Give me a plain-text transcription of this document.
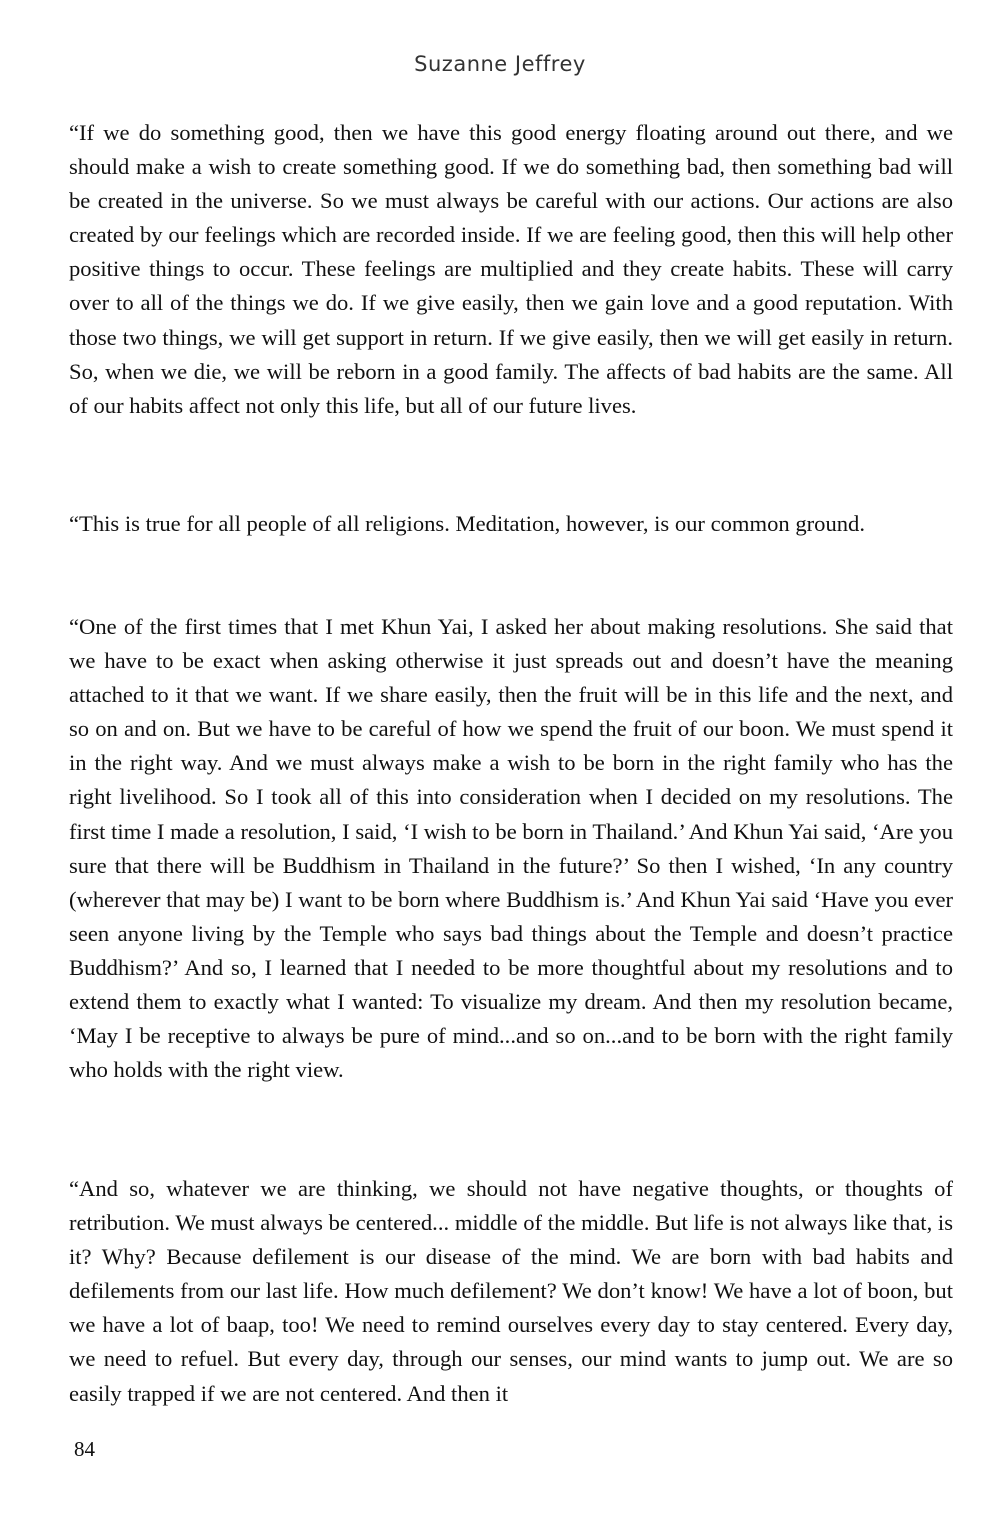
Suzanne Jeffrey

“If we do something good, then we have this good energy floating around out there, and we should make a wish to create something good. If we do something bad, then something bad will be created in the universe. So we must always be careful with our actions. Our actions are also created by our feelings which are recorded inside. If we are feeling good, then this will help other positive things to occur. These feelings are multiplied and they create habits. These will carry over to all of the things we do. If we give easily, then we gain love and a good reputation. With those two things, we will get support in return. If we give easily, then we will get easily in return. So, when we die, we will be reborn in a good family. The affects of bad habits are the same. All of our habits affect not only this life, but all of our future lives.

“This is true for all people of all religions. Meditation, however, is our common ground.

“One of the first times that I met Khun Yai, I asked her about making resolutions. She said that we have to be exact when asking otherwise it just spreads out and doesn’t have the meaning attached to it that we want. If we share easily, then the fruit will be in this life and the next, and so on and on. But we have to be careful of how we spend the fruit of our boon. We must spend it in the right way. And we must always make a wish to be born in the right family who has the right livelihood. So I took all of this into consideration when I decided on my resolutions. The first time I made a resolution, I said, ‘I wish to be born in Thailand.’ And Khun Yai said, ‘Are you sure that there will be Buddhism in Thailand in the future?’ So then I wished, ‘In any country (wherever that may be) I want to be born where Buddhism is.’ And Khun Yai said ‘Have you ever seen anyone living by the Temple who says bad things about the Temple and doesn’t practice Buddhism?’ And so, I learned that I needed to be more thoughtful about my resolutions and to extend them to exactly what I wanted: To visualize my dream. And then my resolution became, ‘May I be receptive to always be pure of mind...and so on...and to be born with the right family who holds with the right view.

“And so, whatever we are thinking, we should not have negative thoughts, or thoughts of retribution. We must always be centered... middle of the middle. But life is not always like that, is it? Why? Because defilement is our disease of the mind. We are born with bad habits and defilements from our last life. How much defilement? We don’t know! We have a lot of boon, but we have a lot of baap, too! We need to remind ourselves every day to stay centered. Every day, we need to refuel. But every day, through our senses, our mind wants to jump out. We are so easily trapped if we are not centered. And then it

84
